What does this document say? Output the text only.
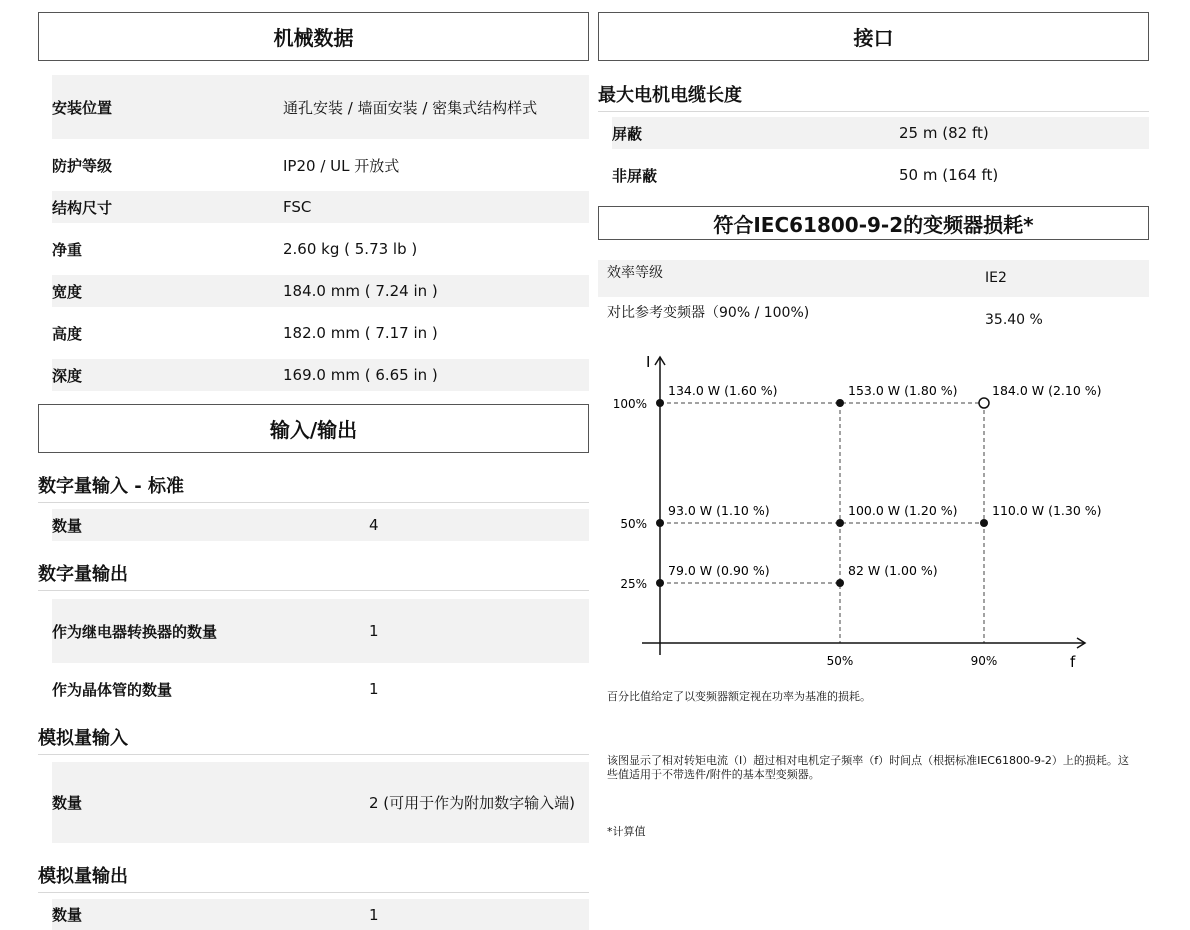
机械数据
安装位置	通孔安装 / 墙面安装 / 密集式结构样式
防护等级	IP20 / UL 开放式
结构尺寸	FSC
净重	2.60 kg ( 5.73 lb )
宽度	184.0 mm ( 7.24 in )
高度	182.0 mm ( 7.17 in )
深度	169.0 mm ( 6.65 in )
输入/输出
数字量输入 - 标准
数量	4
数字量输出
作为继电器转换器的数量	1
作为晶体管的数量	1
模拟量输入
数量	2 (可用于作为附加数字输入端)
模拟量输出
数量	1
接口
最大电机电缆长度
屏蔽	25 m (82 ft)
非屏蔽	50 m (164 ft)
符合IEC61800-9-2的变频器损耗*
效率等级	IE2
对比参考变频器（90% / 100%)	35.40 %
I
f
100%
50%
25%
50%	90%
134.0 W (1.60 %)	153.0 W (1.80 %)	184.0 W (2.10 %)
93.0 W (1.10 %)	100.0 W (1.20 %)	110.0 W (1.30 %)
79.0 W (0.90 %)	82 W (1.00 %)
百分比值给定了以变频器额定视在功率为基准的损耗。
该图显示了相对转矩电流（I）超过相对电机定子频率（f）时间点（根据标准IEC61800-9-2）上的损耗。这些值适用于不带选件/附件的基本型变频器。
*计算值
